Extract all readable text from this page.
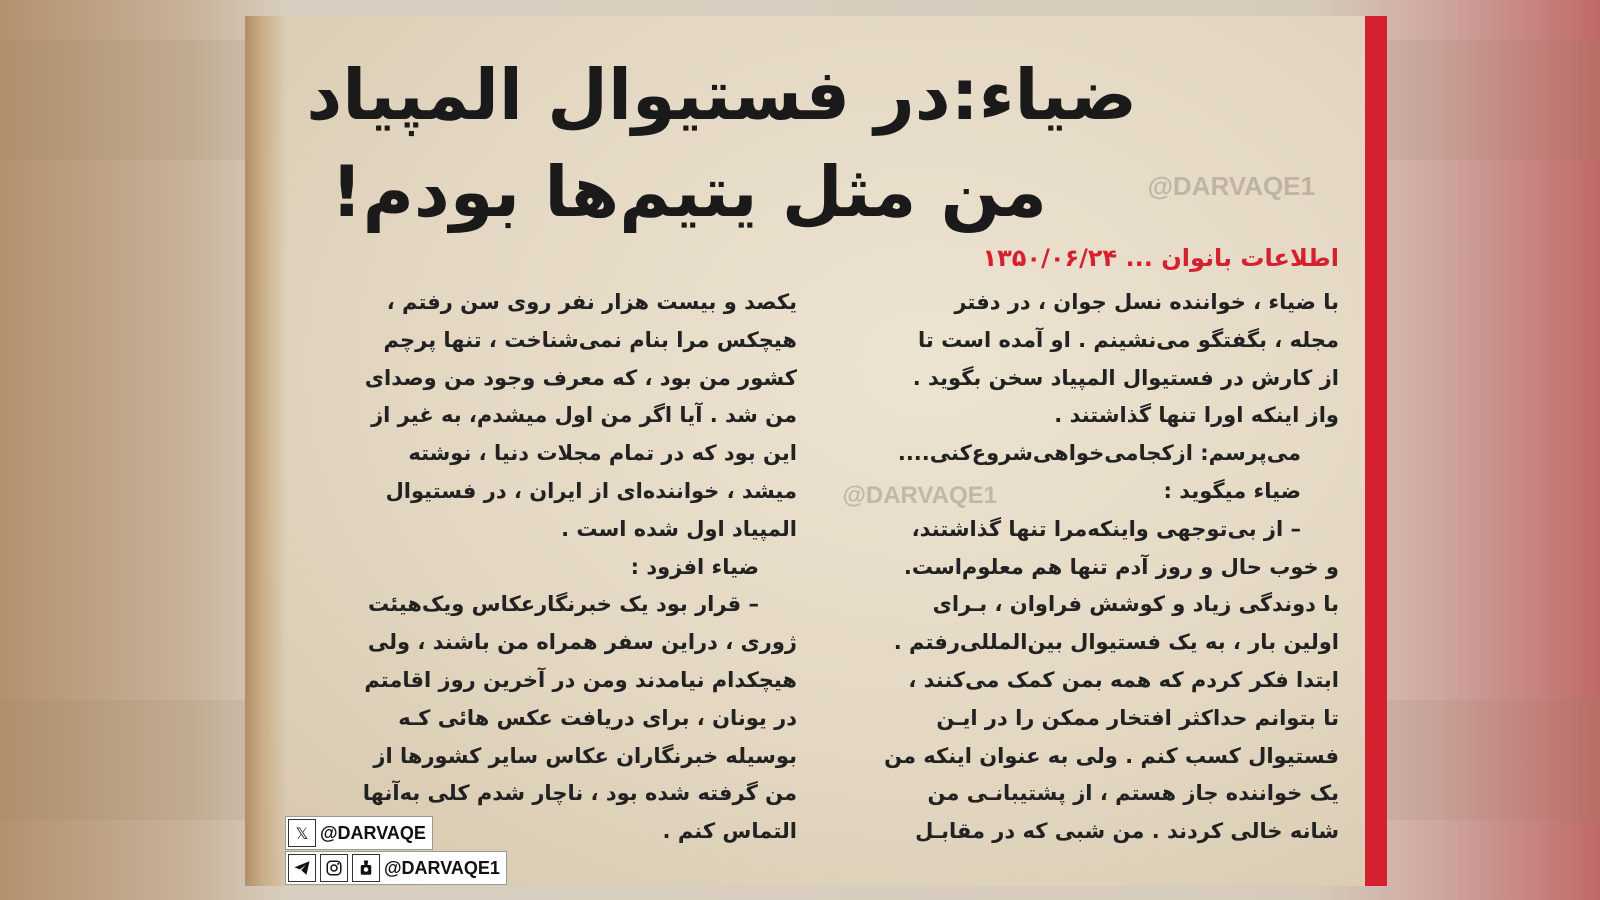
ضیاء:در فستیوال المپیاد
من مثل یتیم‌ها بودم!	@DARVAQE1
اطلاعات بانوان ... ۱۳۵۰/۰۶/۲۴

با ضیاء ، خواننده نسل جوان ، در دفتر

مجله ، بگفتگو می‌نشینم . او آمده است تا

از کارش در فستیوال المپیاد سخن بگوید .

واز اینکه اورا تنها گذاشتند .

می‌پرسم: ازکجامی‌خواهی‌شروع‌کنی....

ضیاء میگوید :

– از بی‌توجهی واینکه‌مرا تنها گذاشتند،

و خوب حال و روز آدم تنها هم معلوم‌است.

با دوندگی زیاد و کوشش فراوان ، بـرای

اولین بار ، به یک فستیوال بین‌المللی‌رفتم .

ابتدا فکر کردم که همه بمن کمک می‌کنند ،

تا بتوانم حداکثر افتخار ممکن را در ایـن

فستیوال کسب کنم . ولی به عنوان اینکه من

یک خواننده جاز هستم ، از پشتیبانـی من

شانه خالی کردند . من شبی که در مقابـل

@DARVAQE1

یکصد و بیست هزار نفر روی سن رفتم ،

هیچکس مرا بنام نمی‌شناخت ، تنها پرچم

کشور من بود ، که معرف وجود من وصدای

من شد . آیا اگر من اول میشدم، به غیر از

این بود که در تمام مجلات دنیا ، نوشته

میشد ، خواننده‌ای از ایران ، در فستیوال

المپیاد اول شده است .

ضیاء افزود :

– قرار بود یک خبرنگارعکاس ویک‌هیئت

ژوری ، دراین سفر همراه من باشند ، ولی

هیچکدام نیامدند ومن در آخرین روز اقامتم

در یونان ، برای دریافت عکس هائی کـه

بوسیله خبرنگاران عکاس سایر کشورها از

من گرفته شده بود ، ناچار شدم کلی به‌آنها

التماس کنم .

𝕏 @DARVAQE
@DARVAQE1
